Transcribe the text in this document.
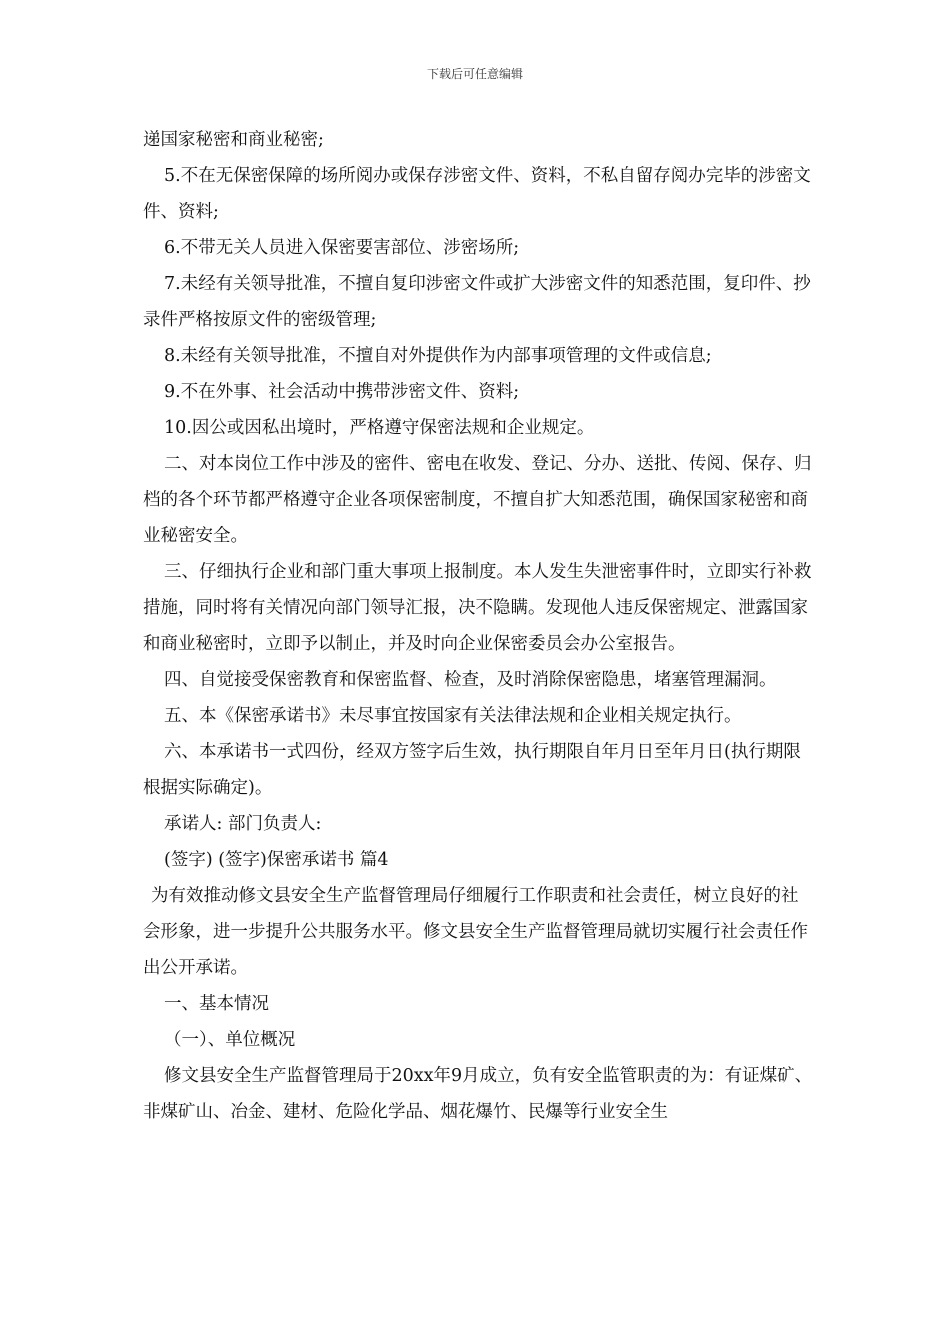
下载后可任意编辑

递国家秘密和商业秘密;

5.不在无保密保障的场所阅办或保存涉密文件、资料，不私自留存阅办完毕的涉密文件、资料;

6.不带无关人员进入保密要害部位、涉密场所;

7.未经有关领导批准，不擅自复印涉密文件或扩大涉密文件的知悉范围，复印件、抄录件严格按原文件的密级管理;

8.未经有关领导批准，不擅自对外提供作为内部事项管理的文件或信息;

9.不在外事、社会活动中携带涉密文件、资料;

10.因公或因私出境时，严格遵守保密法规和企业规定。

二、对本岗位工作中涉及的密件、密电在收发、登记、分办、送批、传阅、保存、归档的各个环节都严格遵守企业各项保密制度，不擅自扩大知悉范围，确保国家秘密和商业秘密安全。

三、仔细执行企业和部门重大事项上报制度。本人发生失泄密事件时，立即实行补救措施，同时将有关情况向部门领导汇报，决不隐瞒。发现他人违反保密规定、泄露国家和商业秘密时，立即予以制止，并及时向企业保密委员会办公室报告。

四、自觉接受保密教育和保密监督、检查，及时消除保密隐患，堵塞管理漏洞。

五、本《保密承诺书》未尽事宜按国家有关法律法规和企业相关规定执行。

六、本承诺书一式四份，经双方签字后生效，执行期限自年月日至年月日(执行期限根据实际确定)。

承诺人: 部门负责人:

(签字) (签字)保密承诺书 篇4

为有效推动修文县安全生产监督管理局仔细履行工作职责和社会责任，树立良好的社会形象，进一步提升公共服务水平。修文县安全生产监督管理局就切实履行社会责任作出公开承诺。

一、基本情况

（一）、单位概况

修文县安全生产监督管理局于20xx年9月成立，负有安全监管职责的为：有证煤矿、非煤矿山、冶金、建材、危险化学品、烟花爆竹、民爆等行业安全生
